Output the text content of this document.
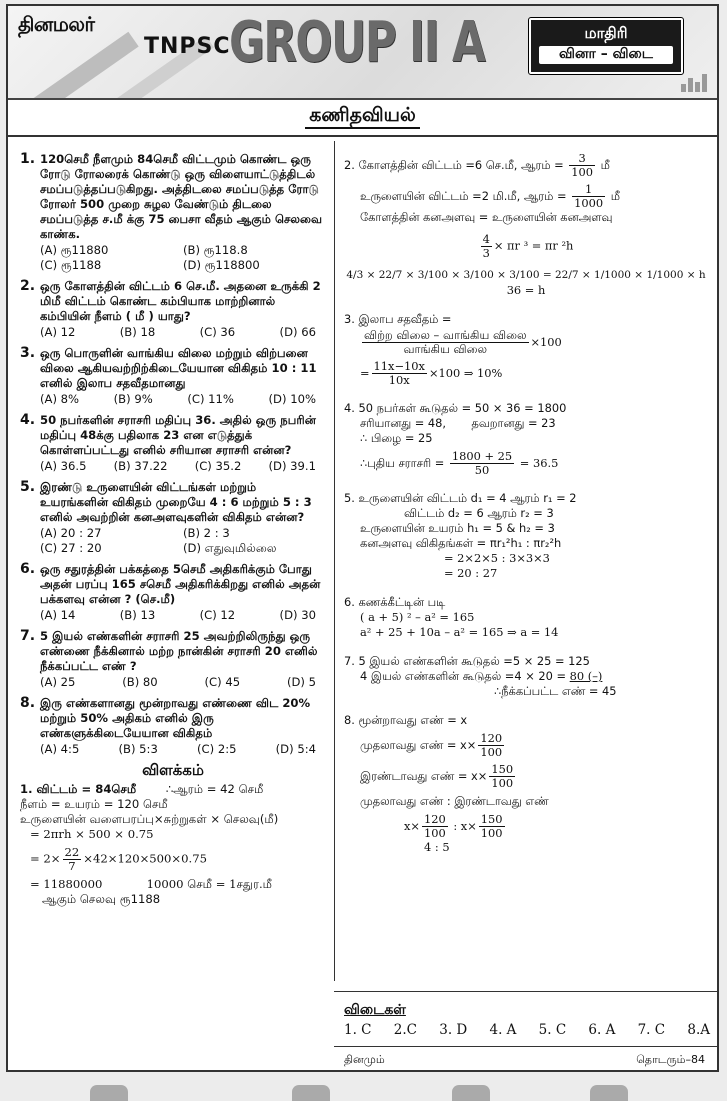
தினமலர்
TNPSC
GROUP II A	மாதிரி
வினா – விடை
கணிதவியல்
1. 120செமீ நீளமும் 84செமீ விட்டமும் கொண்ட ஒரு ரோடு ரோலரைக் கொண்டு ஒரு விளையாட்டுத்திடல் சமப்படுத்தப்படுகிறது. அத்திடலை சமப்படுத்த ரோடு ரோலர் 500 முறை சுழல வேண்டும் திடலை சமப்படுத்த ச.மீ க்கு 75 பைசா வீதம் ஆகும் செலவை காண்க.
(A) ரூ11880	(B) ரூ118.8
(C) ரூ1188	(D) ரூ118800
2. ஒரு கோளத்தின் விட்டம் 6 செ.மீ. அதனை உருக்கி 2 மிமீ விட்டம் கொண்ட கம்பியாக மாற்றினால் கம்பியின் நீளம் ( மீ ) யாது?
(A) 12	(B) 18	(C) 36	(D) 66
3. ஒரு பொருளின் வாங்கிய விலை மற்றும் விற்பனை விலை ஆகியவற்றிற்கிடையேயான விகிதம் 10 : 11 எனில் இலாப சதவீதமானது
(A) 8%	(B) 9%	(C) 11%	(D) 10%
4. 50 நபர்களின் சராசரி மதிப்பு 36. அதில் ஒரு நபரின் மதிப்பு 48க்கு பதிலாக 23 என எடுத்துக் கொள்ளப்பட்டது எனில் சரியான சராசரி என்ன?
(A) 36.5 (B) 37.22 (C) 35.2 (D) 39.1
5. இரண்டு உருளையின் விட்டங்கள் மற்றும் உயரங்களின் விகிதம் முறையே 4 : 6 மற்றும் 5 : 3 எனில் அவற்றின் கனஅளவுகளின் விகிதம் என்ன?
(A) 20 : 27	(B) 2 : 3
(C) 27 : 20	(D) எதுவுமில்லை
6. ஒரு சதுரத்தின் பக்கத்தை 5செமீ அதிகரிக்கும் போது அதன் பரப்பு 165 சசெமீ அதிகரிக்கிறது எனில் அதன் பக்களவு என்ன ? (செ.மீ)
(A) 14	(B) 13	(C) 12	(D) 30
7. 5 இயல் எண்களின் சராசரி 25 அவற்றிலிருந்து ஒரு எண்ணை நீக்கினால் மற்ற நான்கின் சராசரி 20 எனில் நீக்கப்பட்ட எண் ?
(A) 25	(B) 80	(C) 45	(D) 5
8. இரு எண்களானது மூன்றாவது எண்ணை விட 20% மற்றும் 50% அதிகம் எனில் இரு எண்களுக்கிடையேயான விகிதம்
(A) 4:5	(B) 5:3	(C) 2:5	(D) 5:4
விளக்கம்
1. விட்டம் = 84செமீ	∴ஆரம் = 42 செமீ
நீளம் = உயரம் = 120 செமீ
உருளையின் வளைபரப்பு×சுற்றுகள் × செலவு(மீ)
= 2πrh × 500 × 0.75
= $2\times \frac{22}{7} \times 42\times 120\times 500\times 0.75$
= 11880000	10000 செமீ = 1சதுர.மீ
ஆகும் செலவு ரூ1188
2. கோளத்தின் விட்டம் =6 செ.மீ, ஆரம் = $\frac{3}{100}$ மீ
உருளையின் விட்டம் =2 மி.மீ, ஆரம் = $\frac{1}{1000}$ மீ
கோளத்தின் கனஅளவு = உருளையின் கனஅளவு
$\frac{4}{3} \times \pi r$ ³ = πr ²h
4/3 × 22/7 × 3/100 × 3/100 × 3/100 = 22/7 × 1/1000 × 1/1000 × h
36 = h
3. இலாப சதவீதம் =
$\frac{\text{விற்ற விலை – வாங்கிய விலை}}{\text{வாங்கிய விலை}} \times 100$
= $\frac{11x-10x}{10x} \times 100$ ⇒ 10%
4. 50 நபர்கள் கூடுதல் = 50 × 36 = 1800
சரியானது = 48, தவறானது = 23
∴ பிழை = 25
∴புதிய சராசரி = $\frac{1800 + 25}{50} = 36.5$
5. உருளையின் விட்டம் d₁ = 4 ஆரம் r₁ = 2
விட்டம் d₂ = 6 ஆரம் r₂ = 3
உருளையின் உயரம் h₁ = 5 & h₂ = 3
கனஅளவு விகிதங்கள் = πr₁²h₁ : πr₂²h
= 2×2×5 : 3×3×3
= 20 : 27
6. கணக்கீட்டின் படி
( a + 5) ² – a² = 165
a² + 25 + 10a – a² = 165 ⇒ a = 14
7. 5 இயல் எண்களின் கூடுதல் =5 × 25 = 125
4 இயல் எண்களின் கூடுதல் =4 × 20 = 80 (–)
∴நீக்கப்பட்ட எண் = 45
8. மூன்றாவது எண் = x
முதலாவது எண் = $x\times \frac{120}{100}$
இரண்டாவது எண் = $x\times \frac{150}{100}$
முதலாவது எண் : இரண்டாவது எண்
$x\times \frac{120}{100}$ : $x\times \frac{150}{100}$
4 : 5
விடைகள்
1. C 2.C 3. D 4. A 5. C 6. A 7. C 8.A
தினமும்	தொடரும்–84
